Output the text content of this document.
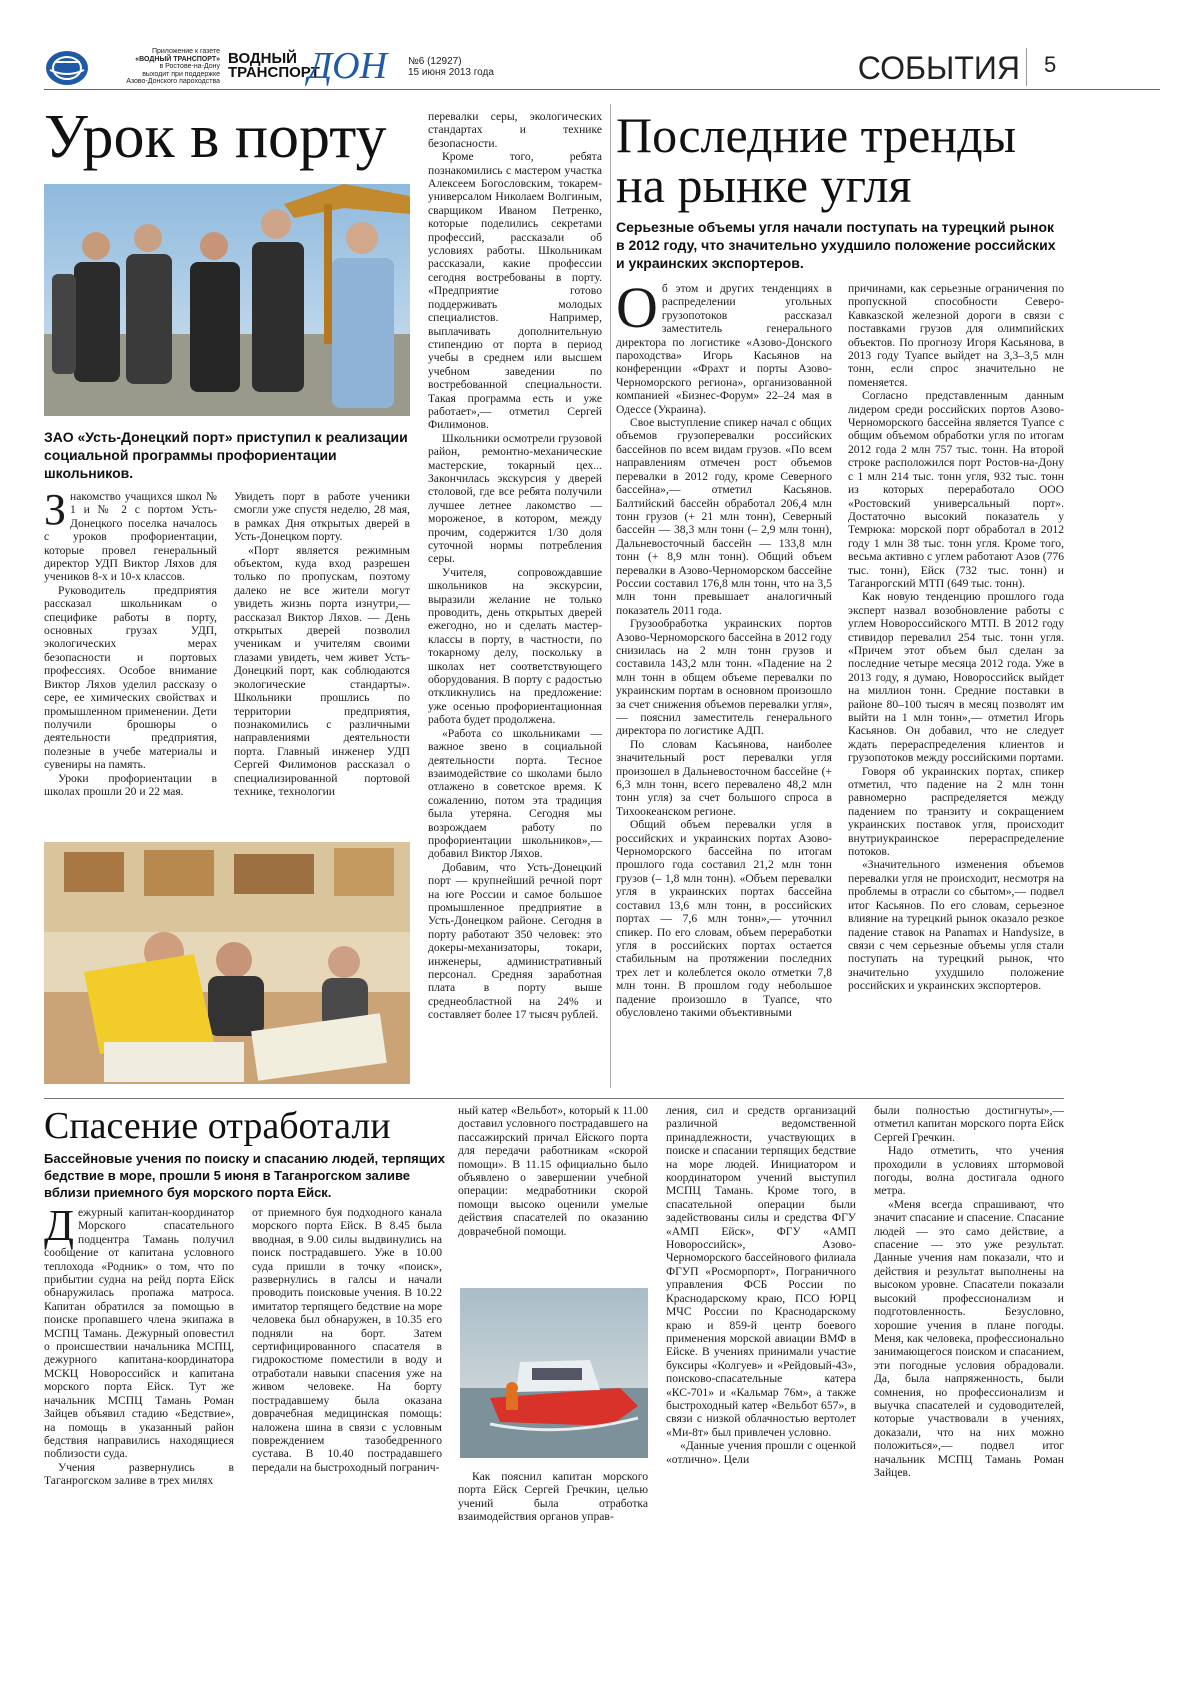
Приложение к газете
«ВОДНЫЙ ТРАНСПОРТ»
в Ростове-на-Дону
выходит при поддержке
Азово-Донского пароходства
ВОДНЫЙ
ТРАНСПОРТ
ДОН №6 (12927)
15 июня 2013 года	СОБЫТИЯ 5
Урок в порту
ЗАО «Усть-Донецкий порт» приступил к реализации социальной программы профориентации школьников.

Знакомство учащихся школ № 1 и № 2 с портом Усть-Донецкого поселка началось с уроков профориентации, которые провел генеральный директор УДП Виктор Ляхов для учеников 8-х и 10-х классов.

Руководитель предприятия рассказал школьникам о специфике работы в порту, основных грузах УДП, экологических мерах безопасности и портовых профессиях. Особое внимание Виктор Ляхов уделил рассказу о сере, ее химических свойствах и промышленном применении. Дети получили брошюры о деятельности предприятия, полезные в учебе материалы и сувениры на память.

Уроки профориентации в школах прошли 20 и 22 мая.

Увидеть порт в работе ученики смогли уже спустя неделю, 28 мая, в рамках Дня открытых дверей в Усть-Донецком порту.

«Порт является режимным объектом, куда вход разрешен только по пропускам, поэтому далеко не все жители могут увидеть жизнь порта изнутри,— рассказал Виктор Ляхов. — День открытых дверей позволил ученикам и учителям своими глазами увидеть, чем живет Усть-Донецкий порт, как соблюдаются экологические стандарты». Школьники прошлись по территории предприятия, познакомились с различными направлениями деятельности порта. Главный инженер УДП Сергей Филимонов рассказал о специализированной портовой технике, технологии

перевалки серы, экологических стандартах и технике безопасности.

Кроме того, ребята познакомились с мастером участка Алексеем Богословским, токарем-универсалом Николаем Волгиным, сварщиком Иваном Петренко, которые поделились секретами профессий, рассказали об условиях работы. Школьникам рассказали, какие профессии сегодня востребованы в порту. «Предприятие готово поддерживать молодых специалистов. Например, выплачивать дополнительную стипендию от порта в период учебы в среднем или высшем учебном заведении по востребованной специальности. Такая программа есть и уже работает»,— отметил Сергей Филимонов.

Школьники осмотрели грузовой район, ремонтно-механические мастерские, токарный цех... Закончилась экскурсия у дверей столовой, где все ребята получили лучшее летнее лакомство — мороженое, в котором, между прочим, содержится 1/30 доля суточной нормы потребления серы.

Учителя, сопровождавшие школьников на экскурсии, выразили желание не только проводить, день открытых дверей ежегодно, но и сделать мастер-классы в порту, в частности, по токарному делу, поскольку в школах нет соответствующего оборудования. В порту с радостью откликнулись на предложение: уже осенью профориентационная работа будет продолжена.

«Работа со школьниками — важное звено в социальной деятельности порта. Тесное взаимодействие со школами было отлажено в советское время. К сожалению, потом эта традиция была утеряна. Сегодня мы возрождаем работу по профориентации школьников»,— добавил Виктор Ляхов.

Добавим, что Усть-Донецкий порт — крупнейший речной порт на юге России и самое большое промышленное предприятие в Усть-Донецком районе. Сегодня в порту работают 350 человек: это докеры-механизаторы, токари, инженеры, административный персонал. Средняя заработная плата в порту выше среднеобластной на 24% и составляет более 17 тысяч рублей.

Последние тренды
на рынке угля
Серьезные объемы угля начали поступать на турецкий рынок в 2012 году, что значительно ухудшило положение российских и украинских экспортеров.

Об этом и других тенденциях в распределении угольных грузопотоков рассказал заместитель генерального директора по логистике «Азово-Донского пароходства» Игорь Касьянов на конференции «Фрахт и порты Азово-Черноморского региона», организованной компанией «Бизнес-Форум» 22–24 мая в Одессе (Украина).

Свое выступление спикер начал с общих объемов грузоперевалки российских бассейнов по всем видам грузов. «По всем направлениям отмечен рост объемов перевалки в 2012 году, кроме Северного бассейна»,— отметил Касьянов. Балтийский бассейн обработал 206,4 млн тонн грузов (+ 21 млн тонн), Северный бассейн — 38,3 млн тонн (– 2,9 млн тонн), Дальневосточный бассейн — 133,8 млн тонн (+ 8,9 млн тонн). Общий объем перевалки в Азово-Черноморском бассейне России составил 176,8 млн тонн, что на 3,5 млн тонн превышает аналогичный показатель 2011 года.

Грузообработка украинских портов Азово-Черноморского бассейна в 2012 году снизилась на 2 млн тонн грузов и составила 143,2 млн тонн. «Падение на 2 млн тонн в общем объеме перевалки по украинским портам в основном произошло за счет снижения объемов перевалки угля»,— пояснил заместитель генерального директора по логистике АДП.

По словам Касьянова, наиболее значительный рост перевалки угля произошел в Дальневосточном бассейне (+ 6,3 млн тонн, всего перевалено 48,2 млн тонн угля) за счет большого спроса в Тихоокеанском регионе.

Общий объем перевалки угля в российских и украинских портах Азово-Черноморского бассейна по итогам прошлого года составил 21,2 млн тонн грузов (– 1,8 млн тонн). «Объем перевалки угля в украинских портах бассейна составил 13,6 млн тонн, в российских портах — 7,6 млн тонн»,— уточнил спикер. По его словам, объем переработки угля в российских портах остается стабильным на протяжении последних трех лет и колеблется около отметки 7,8 млн тонн. В прошлом году небольшое падение произошло в Туапсе, что обусловлено такими объективными

причинами, как серьезные ограничения по пропускной способности Северо-Кавказской железной дороги в связи с поставками грузов для олимпийских объектов. По прогнозу Игоря Касьянова, в 2013 году Туапсе выйдет на 3,3–3,5 млн тонн, если спрос значительно не поменяется.

Согласно представленным данным лидером среди российских портов Азово-Черноморского бассейна является Туапсе с общим объемом обработки угля по итогам 2012 года 2 млн 757 тыс. тонн. На второй строке расположился порт Ростов-на-Дону с 1 млн 214 тыс. тонн угля, 932 тыс. тонн из которых переработало ООО «Ростовский универсальный порт». Достаточно высокий показатель у Темрюка: морской порт обработал в 2012 году 1 млн 38 тыс. тонн угля. Кроме того, весьма активно с углем работают Азов (776 тыс. тонн), Ейск (732 тыс. тонн) и Таганрогский МТП (649 тыс. тонн).

Как новую тенденцию прошлого года эксперт назвал возобновление работы с углем Новороссийского МТП. В 2012 году стивидор перевалил 254 тыс. тонн угля. «Причем этот объем был сделан за последние четыре месяца 2012 года. Уже в 2013 году, я думаю, Новороссийск выйдет на миллион тонн. Средние поставки в районе 80–100 тысяч в месяц позволят им выйти на 1 млн тонн»,— отметил Игорь Касьянов. Он добавил, что не следует ждать перераспределения клиентов и грузопотоков между российскими портами.

Говоря об украинских портах, спикер отметил, что падение на 2 млн тонн равномерно распределяется между падением по транзиту и сокращением украинских поставок угля, происходит внутриукраинское перераспределение потоков.

«Значительного изменения объемов перевалки угля не происходит, несмотря на проблемы в отрасли со сбытом»,— подвел итог Касьянов. По его словам, серьезное влияние на турецкий рынок оказало резкое падение ставок на Panamax и Handysize, в связи с чем серьезные объемы угля стали поступать на турецкий рынок, что значительно ухудшило положение российских и украинских экспортеров.

Спасение отработали
Бассейновые учения по поиску и спасанию людей, терпящих бедствие в море, прошли 5 июня в Таганрогском заливе вблизи приемного буя морского порта Ейск.

Дежурный капитан-координатор Морского спасательного подцентра Тамань получил сообщение от капитана условного теплохода «Родник» о том, что по прибытии судна на рейд порта Ейск обнаружилась пропажа матроса. Капитан обратился за помощью в поиске пропавшего члена экипажа в МСПЦ Тамань. Дежурный оповестил о происшествии начальника МСПЦ, дежурного капитана-координатора МСКЦ Новороссийск и капитана морского порта Ейск. Тут же начальник МСПЦ Тамань Роман Зайцев объявил стадию «Бедствие», на помощь в указанный район бедствия направились находящиеся поблизости суда.

Учения развернулись в Таганрогском заливе в трех милях

от приемного буя подходного канала морского порта Ейск. В 8.45 была вводная, в 9.00 силы выдвинулись на поиск пострадавшего. Уже в 10.00 суда пришли в точку «поиск», развернулись в галсы и начали проводить поисковые учения. В 10.22 имитатор терпящего бедствие на море человека был обнаружен, в 10.35 его подняли на борт. Затем сертифицированного спасателя в гидрокостюме поместили в воду и отработали навыки спасения уже на живом человеке. На борту пострадавшему была оказана доврачебная медицинская помощь: наложена шина в связи с условным повреждением тазобедренного сустава. В 10.40 пострадавшего передали на быстроходный погранич-

ный катер «Вельбот», который к 11.00 доставил условного пострадавшего на пассажирский причал Ейского порта для передачи работникам «скорой помощи». В 11.15 официально было объявлено о завершении учебной операции: медработники скорой помощи высоко оценили умелые действия спасателей по оказанию доврачебной помощи.

Как пояснил капитан морского порта Ейск Сергей Гречкин, целью учений была отработка взаимодействия органов управ-

ления, сил и средств организаций различной ведомственной принадлежности, участвующих в поиске и спасании терпящих бедствие на море людей. Инициатором и координатором учений выступил МСПЦ Тамань. Кроме того, в спасательной операции были задействованы силы и средства ФГУ «АМП Ейск», ФГУ «АМП Новороссийск», Азово-Черноморского бассейнового филиала ФГУП «Росморпорт», Пограничного управления ФСБ России по Краснодарскому краю, ПСО ЮРЦ МЧС России по Краснодарскому краю и 859-й центр боевого применения морской авиации ВМФ в Ейске. В учениях принимали участие буксиры «Колгуев» и «Рейдовый-43», поисково-спасательные катера «КС-701» и «Кальмар 76м», а также быстроходный катер «Вельбот 657», в связи с низкой облачностью вертолет «Ми-8т» был привлечен условно.

«Данные учения прошли с оценкой «отлично». Цели

были полностью достигнуты»,— отметил капитан морского порта Ейск Сергей Гречкин.

Надо отметить, что учения проходили в условиях штормовой погоды, волна достигала одного метра.

«Меня всегда спрашивают, что значит спасание и спасение. Спасание людей — это само действие, а спасение — это уже результат. Данные учения нам показали, что и действия и результат выполнены на высоком уровне. Спасатели показали высокий профессионализм и подготовленность. Безусловно, хорошие учения в плане погоды. Меня, как человека, профессионально занимающегося поиском и спасанием, эти погодные условия обрадовали. Да, была напряженность, были сомнения, но профессионализм и выучка спасателей и судоводителей, которые участвовали в учениях, доказали, что на них можно положиться»,— подвел итог начальник МСПЦ Тамань Роман Зайцев.
